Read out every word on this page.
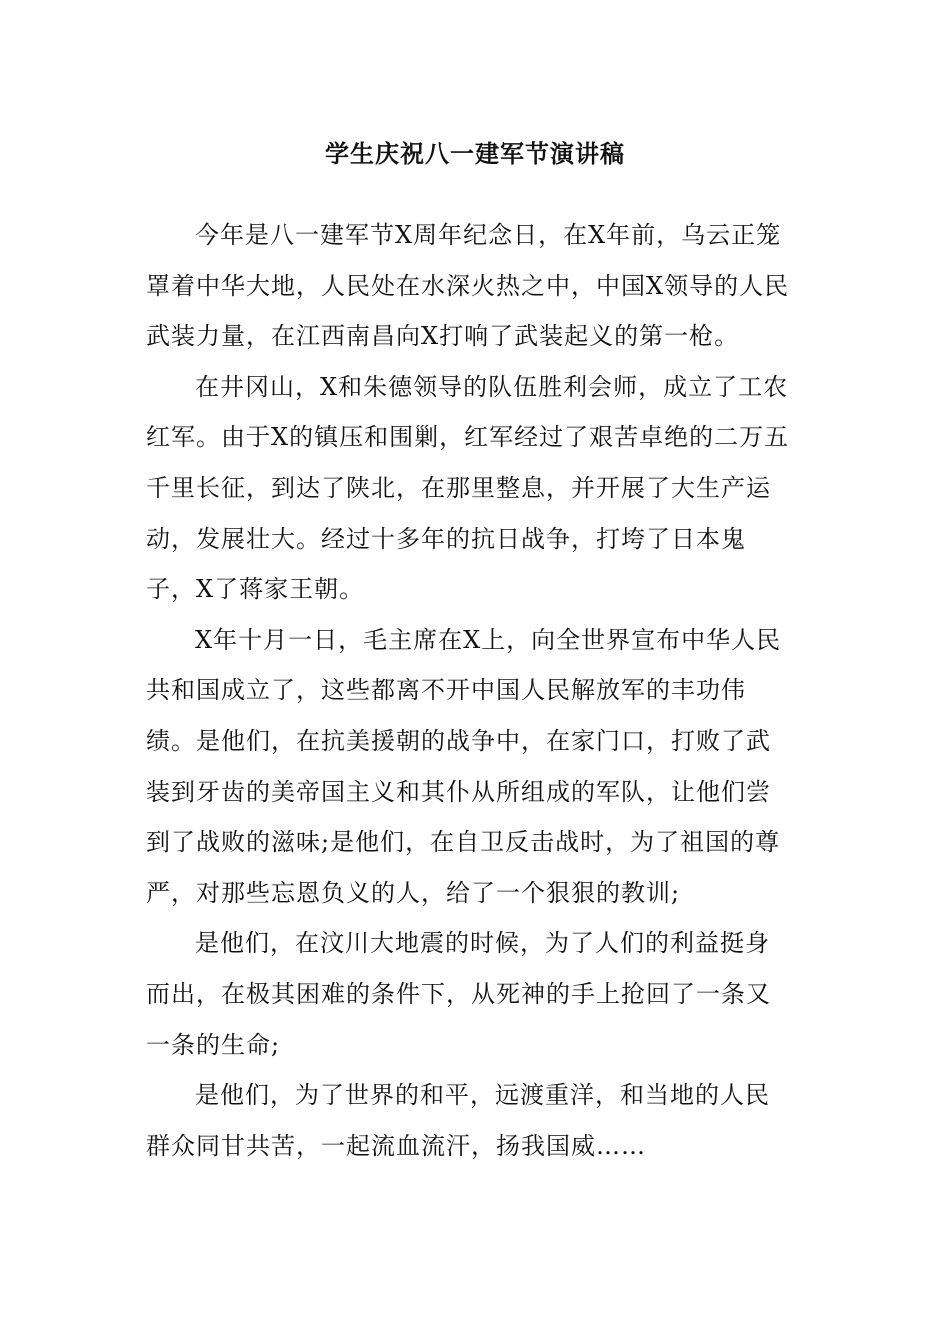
学生庆祝八一建军节演讲稿

今年是八一建军节X周年纪念日，在X年前，乌云正笼
罩着中华大地，人民处在水深火热之中，中国X领导的人民
武装力量，在江西南昌向X打响了武装起义的第一枪。

在井冈山，X和朱德领导的队伍胜利会师，成立了工农
红军。由于X的镇压和围剿，红军经过了艰苦卓绝的二万五
千里长征，到达了陕北，在那里整息，并开展了大生产运
动，发展壮大。经过十多年的抗日战争，打垮了日本鬼
子，X了蒋家王朝。

X年十月一日，毛主席在X上，向全世界宣布中华人民
共和国成立了，这些都离不开中国人民解放军的丰功伟
绩。是他们，在抗美援朝的战争中，在家门口，打败了武
装到牙齿的美帝国主义和其仆从所组成的军队，让他们尝
到了战败的滋味;是他们，在自卫反击战时，为了祖国的尊
严，对那些忘恩负义的人，给了一个狠狠的教训;

是他们，在汶川大地震的时候，为了人们的利益挺身
而出，在极其困难的条件下，从死神的手上抢回了一条又
一条的生命;

是他们，为了世界的和平，远渡重洋，和当地的人民
群众同甘共苦，一起流血流汗，扬我国威……
